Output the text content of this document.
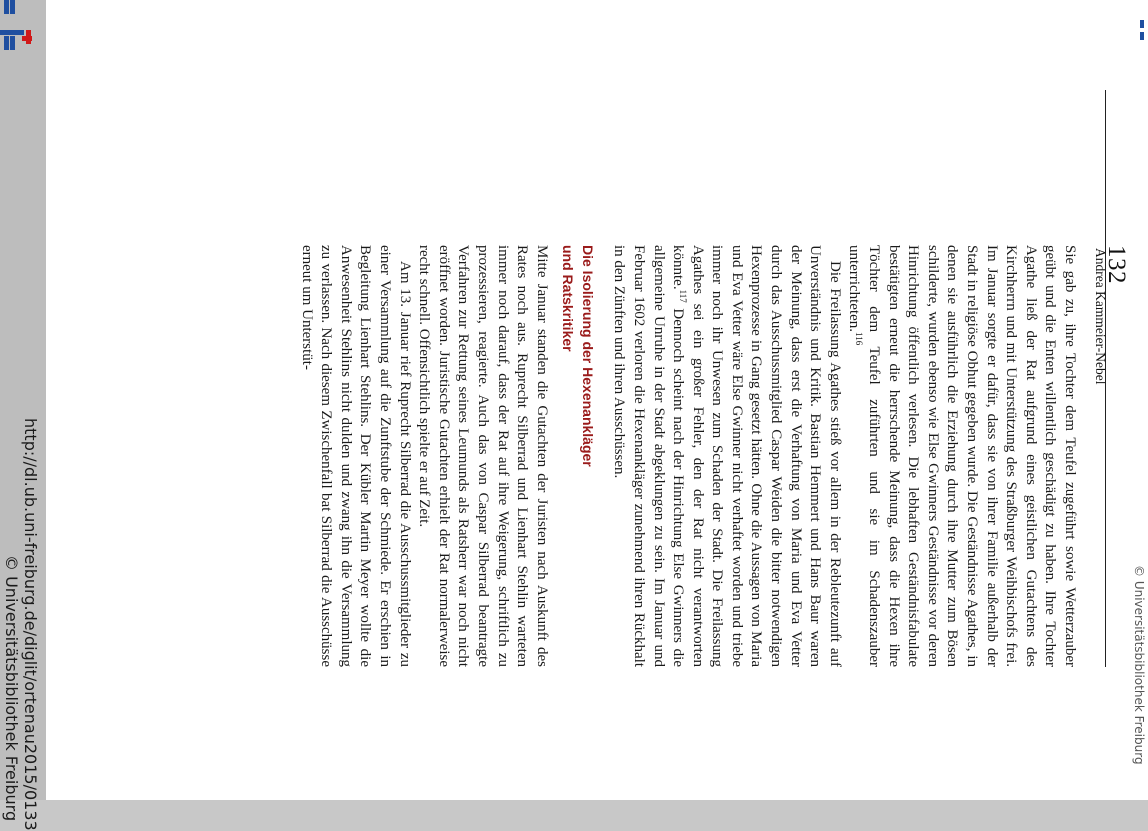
132
Andrea Kammeier-Nebel

Sie gab zu, ihre Tochter dem Teufel zugeführt sowie Wetterzauber geübt und die Enten willentlich geschädigt zu haben. Ihre Tochter Agathe ließ der Rat aufgrund eines geistlichen Gutachtens des Kirchherrn und mit Unterstützung des Straßburger Weihbischofs frei. Im Januar sorgte er dafür, dass sie von ihrer Familie außerhalb der Stadt in religiöse Obhut gegeben wurde. Die Geständnisse Agathes, in denen sie ausführlich die Erziehung durch ihre Mutter zum Bösen schilderte, wurden ebenso wie Else Gwinners Geständnisse vor deren Hinrichtung öffentlich verlesen. Die lebhaften Geständnisfabulate bestätigten erneut die herrschende Meinung, dass die Hexen ihre Töchter dem Teufel zuführten und sie im Schadenszauber unterrichteten.$^{116}$

Die Freilassung Agathes stieß vor allem in der Rebleutezunft auf Unverständnis und Kritik. Bastian Hemmert und Hans Baur waren der Meinung, dass erst die Verhaftung von Maria und Eva Vetter durch das Ausschussmitglied Caspar Weiden die bitter notwendigen Hexenprozesse in Gang gesetzt hätten. Ohne die Aussagen von Maria und Eva Vetter wäre Else Gwinner nicht verhaftet worden und triebe immer noch ihr Unwesen zum Schaden der Stadt. Die Freilassung Agathes sei ein großer Fehler, den der Rat nicht verantworten könnte.$^{117}$ Dennoch scheint nach der Hinrichtung Else Gwinners die allgemeine Unruhe in der Stadt abgeklungen zu sein. Im Januar und Februar 1602 verloren die Hexenankläger zunehmend ihren Rückhalt in den Zünften und ihren Ausschüssen.

Die Isolierung der Hexenankläger
und Ratskritiker

Mitte Januar standen die Gutachten der Juristen nach Auskunft des Rates noch aus. Ruprecht Silberrad und Lienhart Stehlin warteten immer noch darauf, dass der Rat auf ihre Weigerung, schriftlich zu prozessieren, reagierte. Auch das von Caspar Silberrad beantragte Verfahren zur Rettung seines Leumunds als Ratsherr war noch nicht eröffnet worden. Juristische Gutachten erhielt der Rat normalerweise recht schnell. Offensichtlich spielte er auf Zeit.

Am 13. Januar rief Ruprecht Silberrad die Ausschussmitglieder zu einer Versammlung auf die Zunftstube der Schmiede. Er erschien in Begleitung Lienhart Stehlins. Der Kübler Martin Meyer wollte die Anwesenheit Stehlins nicht dulden und zwang ihn die Versammlung zu verlassen. Nach diesem Zwischenfall bat Silberrad die Ausschüsse erneut um Unterstüt-

http://dl.ub.uni-freiburg.de/diglit/ortenau2015/0133
© Universitätsbibliothek Freiburg	© Universitätsbibliothek Freiburg
